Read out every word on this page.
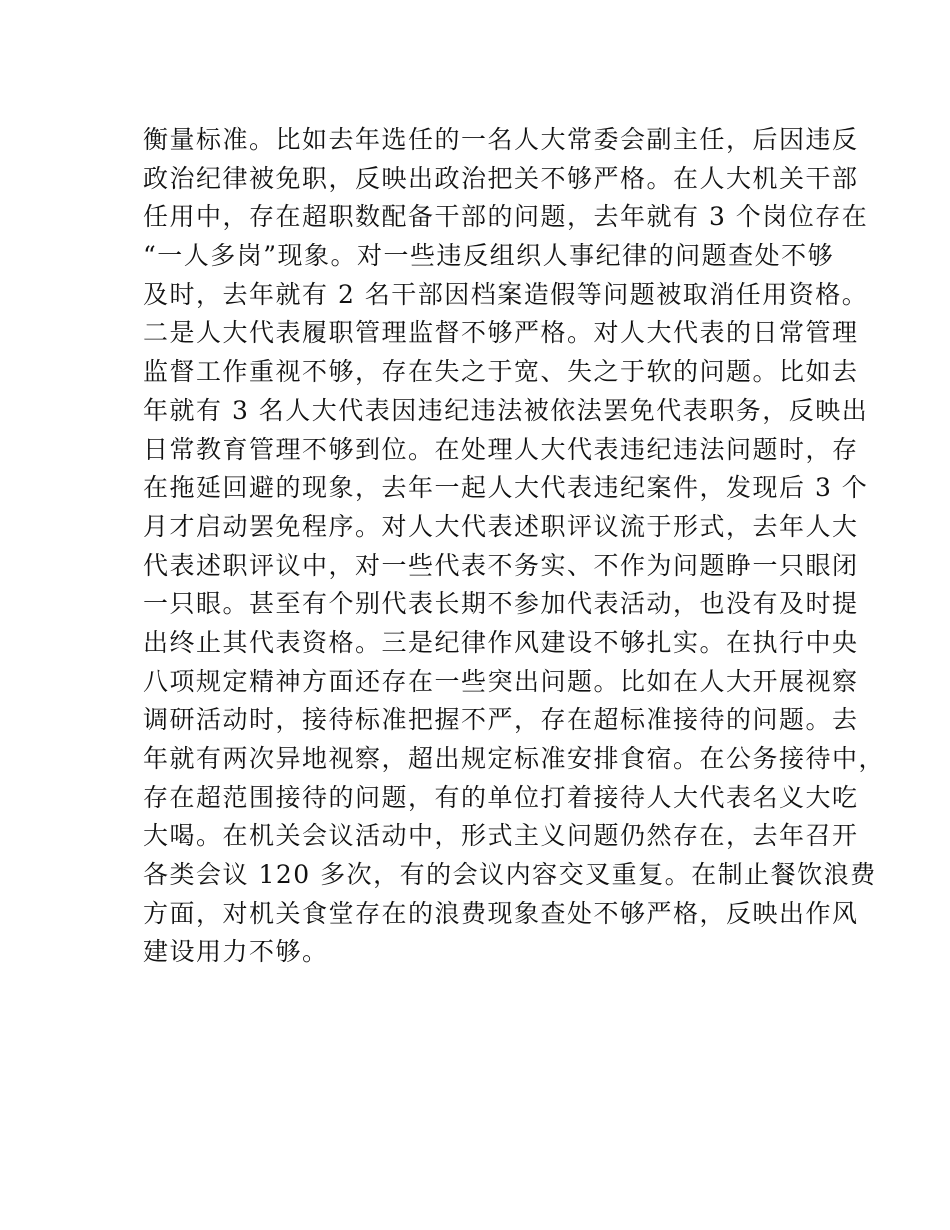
衡量标准。比如去年选任的一名人大常委会副主任，后因违反
政治纪律被免职，反映出政治把关不够严格。在人大机关干部
任用中，存在超职数配备干部的问题，去年就有 3 个岗位存在
“一人多岗”现象。对一些违反组织人事纪律的问题查处不够
及时，去年就有 2 名干部因档案造假等问题被取消任用资格。
二是人大代表履职管理监督不够严格。对人大代表的日常管理
监督工作重视不够，存在失之于宽、失之于软的问题。比如去
年就有 3 名人大代表因违纪违法被依法罢免代表职务，反映出
日常教育管理不够到位。在处理人大代表违纪违法问题时，存
在拖延回避的现象，去年一起人大代表违纪案件，发现后 3 个
月才启动罢免程序。对人大代表述职评议流于形式，去年人大
代表述职评议中，对一些代表不务实、不作为问题睁一只眼闭
一只眼。甚至有个别代表长期不参加代表活动，也没有及时提
出终止其代表资格。三是纪律作风建设不够扎实。在执行中央
八项规定精神方面还存在一些突出问题。比如在人大开展视察
调研活动时，接待标准把握不严，存在超标准接待的问题。去
年就有两次异地视察，超出规定标准安排食宿。在公务接待中，
存在超范围接待的问题，有的单位打着接待人大代表名义大吃
大喝。在机关会议活动中，形式主义问题仍然存在，去年召开
各类会议 120 多次，有的会议内容交叉重复。在制止餐饮浪费
方面，对机关食堂存在的浪费现象查处不够严格，反映出作风
建设用力不够。
